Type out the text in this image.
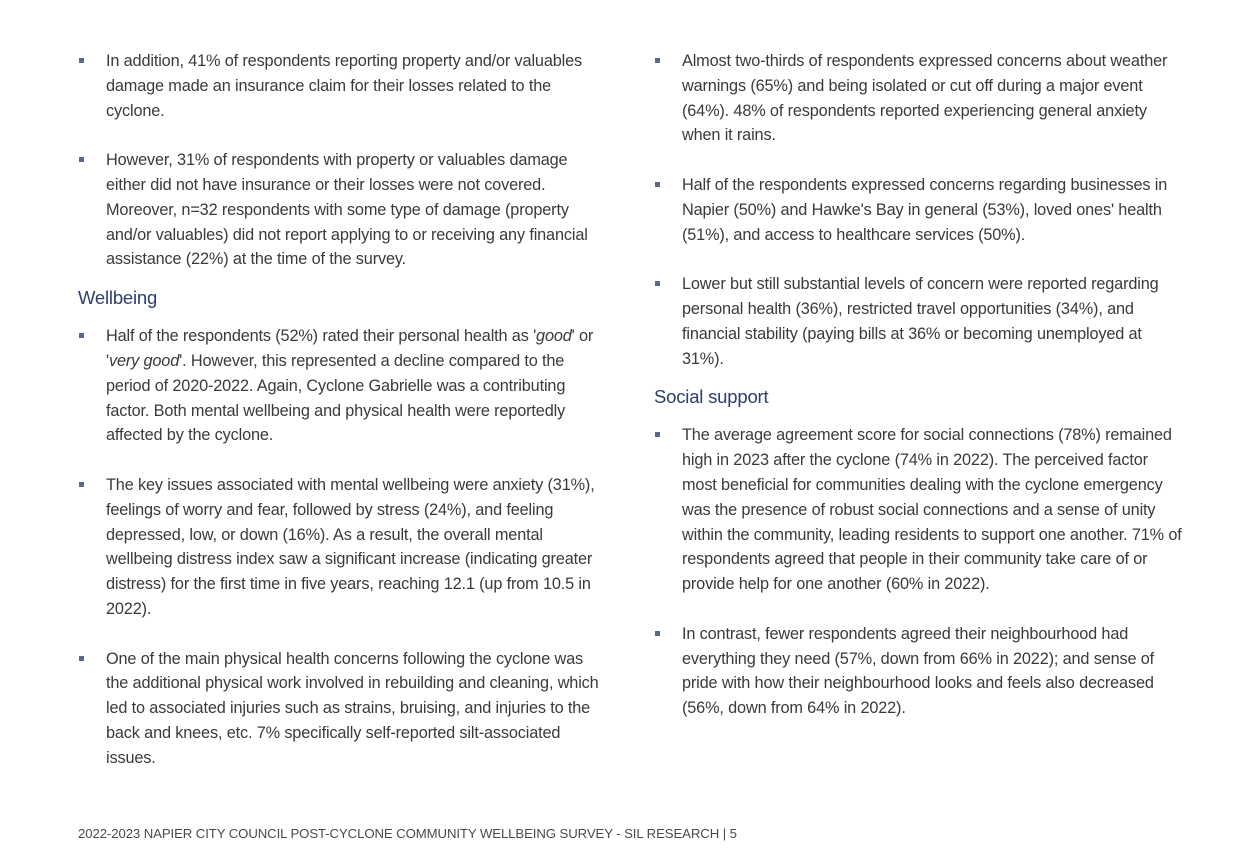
In addition, 41% of respondents reporting property and/or valuables damage made an insurance claim for their losses related to the cyclone.
However, 31% of respondents with property or valuables damage either did not have insurance or their losses were not covered. Moreover, n=32 respondents with some type of damage (property and/or valuables) did not report applying to or receiving any financial assistance (22%) at the time of the survey.
Wellbeing
Half of the respondents (52%) rated their personal health as 'good' or 'very good'. However, this represented a decline compared to the period of 2020-2022. Again, Cyclone Gabrielle was a contributing factor. Both mental wellbeing and physical health were reportedly affected by the cyclone.
The key issues associated with mental wellbeing were anxiety (31%), feelings of worry and fear, followed by stress (24%), and feeling depressed, low, or down (16%). As a result, the overall mental wellbeing distress index saw a significant increase (indicating greater distress) for the first time in five years, reaching 12.1 (up from 10.5 in 2022).
One of the main physical health concerns following the cyclone was the additional physical work involved in rebuilding and cleaning, which led to associated injuries such as strains, bruising, and injuries to the back and knees, etc. 7% specifically self-reported silt-associated issues.
Almost two-thirds of respondents expressed concerns about weather warnings (65%) and being isolated or cut off during a major event (64%). 48% of respondents reported experiencing general anxiety when it rains.
Half of the respondents expressed concerns regarding businesses in Napier (50%) and Hawke's Bay in general (53%), loved ones' health (51%), and access to healthcare services (50%).
Lower but still substantial levels of concern were reported regarding personal health (36%), restricted travel opportunities (34%), and financial stability (paying bills at 36% or becoming unemployed at 31%).
Social support
The average agreement score for social connections (78%) remained high in 2023 after the cyclone (74% in 2022). The perceived factor most beneficial for communities dealing with the cyclone emergency was the presence of robust social connections and a sense of unity within the community, leading residents to support one another. 71% of respondents agreed that people in their community take care of or provide help for one another (60% in 2022).
In contrast, fewer respondents agreed their neighbourhood had everything they need (57%, down from 66% in 2022); and sense of pride with how their neighbourhood looks and feels also decreased (56%, down from 64% in 2022).
2022-2023 NAPIER CITY COUNCIL POST-CYCLONE COMMUNITY WELLBEING SURVEY - SIL RESEARCH | 5
